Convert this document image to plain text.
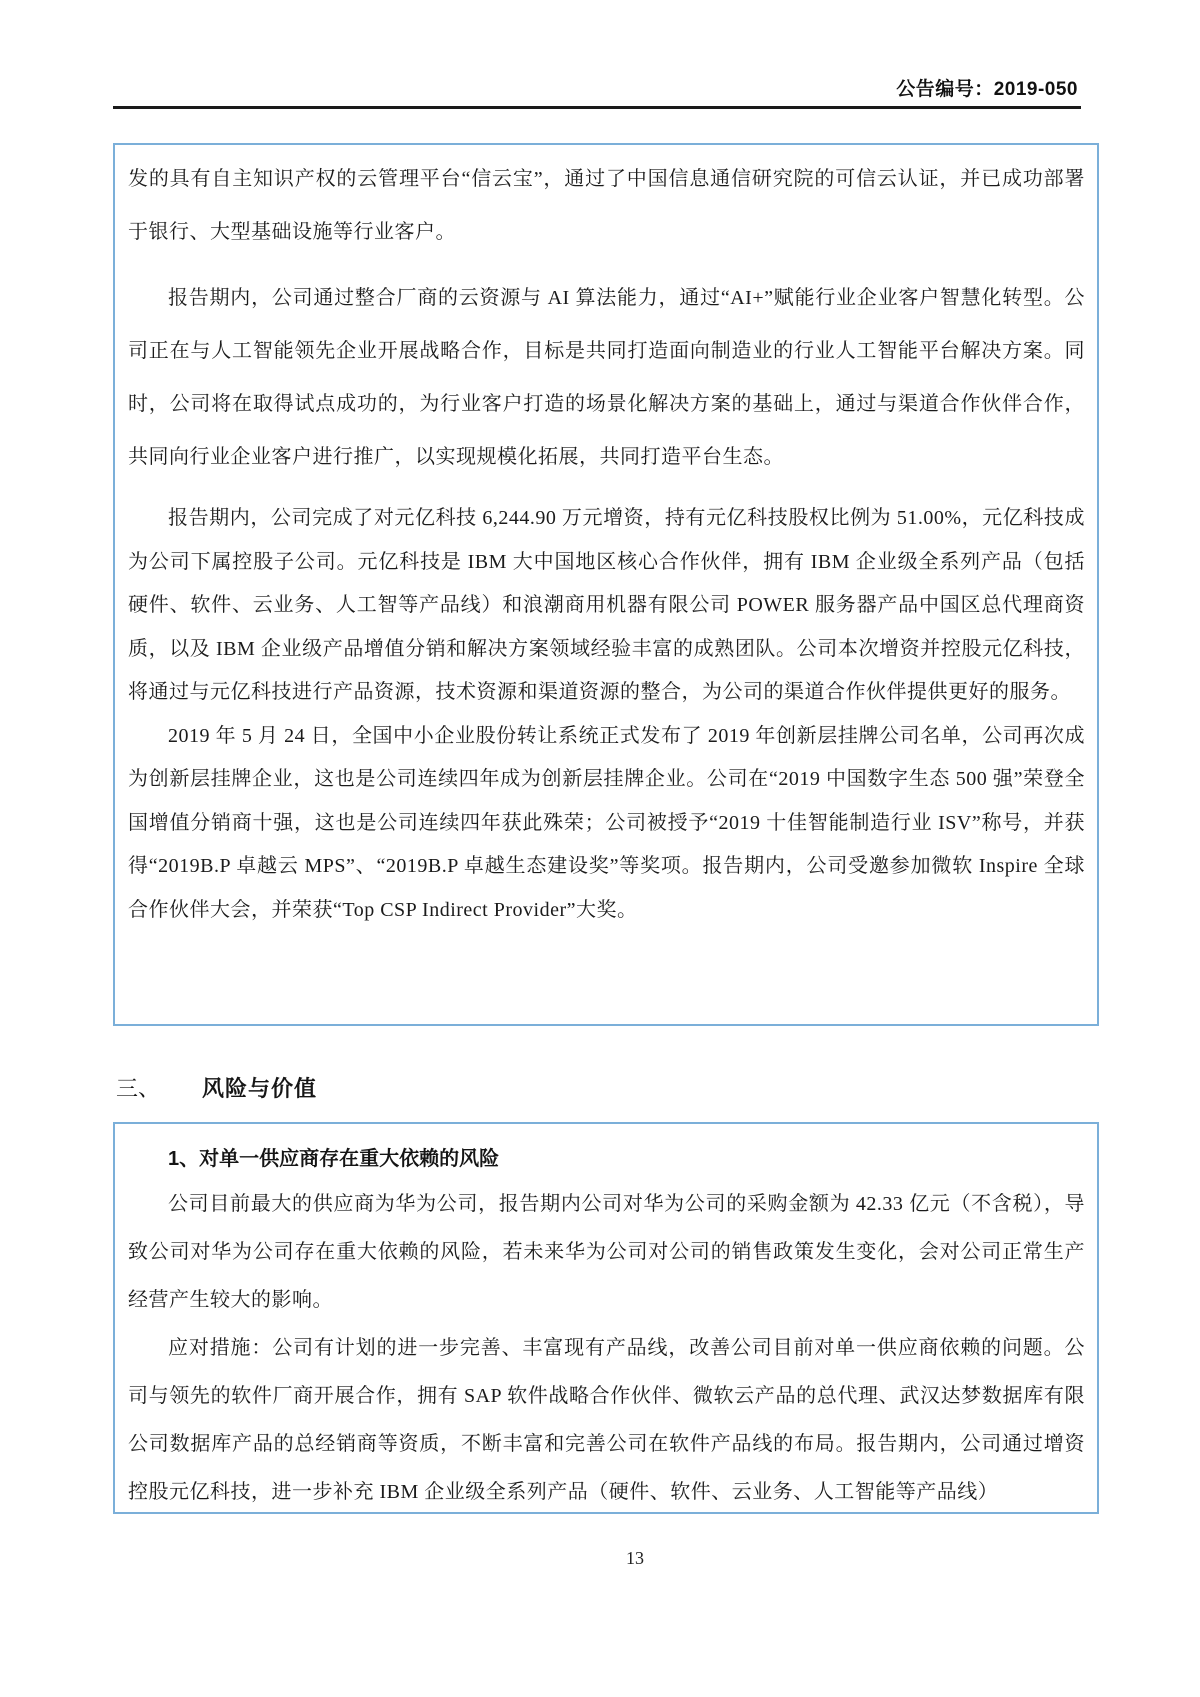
公告编号：2019-050

发的具有自主知识产权的云管理平台“信云宝”，通过了中国信息通信研究院的可信云认证，并已成功部署于银行、大型基础设施等行业客户。

报告期内，公司通过整合厂商的云资源与 AI 算法能力，通过“AI+”赋能行业企业客户智慧化转型。公司正在与人工智能领先企业开展战略合作，目标是共同打造面向制造业的行业人工智能平台解决方案。同时，公司将在取得试点成功的，为行业客户打造的场景化解决方案的基础上，通过与渠道合作伙伴合作，共同向行业企业客户进行推广，以实现规模化拓展，共同打造平台生态。

报告期内，公司完成了对元亿科技 6,244.90 万元增资，持有元亿科技股权比例为 51.00%，元亿科技成为公司下属控股子公司。元亿科技是 IBM 大中国地区核心合作伙伴，拥有 IBM 企业级全系列产品（包括硬件、软件、云业务、人工智等产品线）和浪潮商用机器有限公司 POWER 服务器产品中国区总代理商资质，以及 IBM 企业级产品增值分销和解决方案领域经验丰富的成熟团队。公司本次增资并控股元亿科技，将通过与元亿科技进行产品资源，技术资源和渠道资源的整合，为公司的渠道合作伙伴提供更好的服务。

2019 年 5 月 24 日，全国中小企业股份转让系统正式发布了 2019 年创新层挂牌公司名单，公司再次成为创新层挂牌企业，这也是公司连续四年成为创新层挂牌企业。公司在“2019 中国数字生态 500 强”荣登全国增值分销商十强，这也是公司连续四年获此殊荣；公司被授予“2019 十佳智能制造行业 ISV”称号，并获得“2019B.P 卓越云 MPS”、“2019B.P 卓越生态建设奖”等奖项。报告期内，公司受邀参加微软 Inspire 全球合作伙伴大会，并荣获“Top CSP Indirect Provider”大奖。

三、 风险与价值

1、对单一供应商存在重大依赖的风险

公司目前最大的供应商为华为公司，报告期内公司对华为公司的采购金额为 42.33 亿元（不含税），导致公司对华为公司存在重大依赖的风险，若未来华为公司对公司的销售政策发生变化，会对公司正常生产经营产生较大的影响。

应对措施：公司有计划的进一步完善、丰富现有产品线，改善公司目前对单一供应商依赖的问题。公司与领先的软件厂商开展合作，拥有 SAP 软件战略合作伙伴、微软云产品的总代理、武汉达梦数据库有限公司数据库产品的总经销商等资质，不断丰富和完善公司在软件产品线的布局。报告期内，公司通过增资控股元亿科技，进一步补充 IBM 企业级全系列产品（硬件、软件、云业务、人工智能等产品线）

13
